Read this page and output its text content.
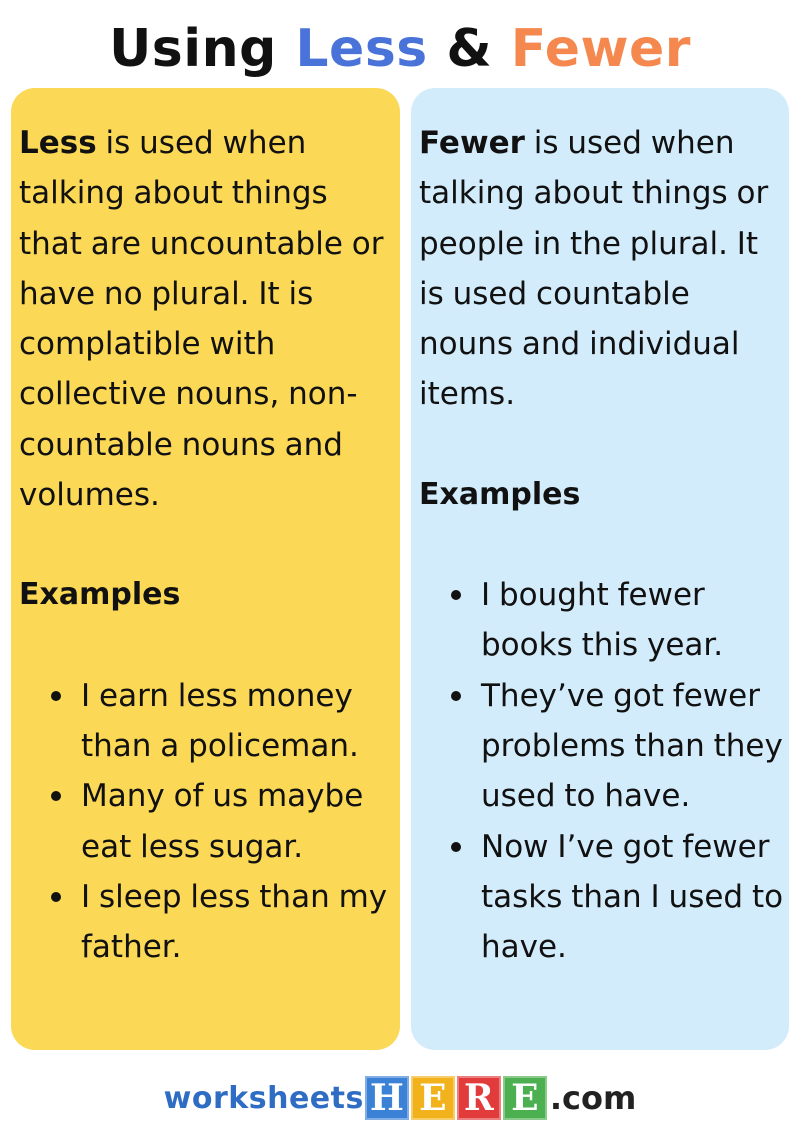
Using Less & Fewer

Less is used when talking about things that are uncountable or have no plural. It is complatible with collective nouns, non-countable nouns and volumes.

Examples
I earn less money than a policeman.
Many of us maybe eat less sugar.
I sleep less than my father.

Fewer is used when talking about things or people in the plural. It is used countable nouns and individual items.

Examples
I bought fewer books this year.
They’ve got fewer problems than they used to have.
Now I’ve got fewer tasks than I used to have.
worksheets H E R E .com
